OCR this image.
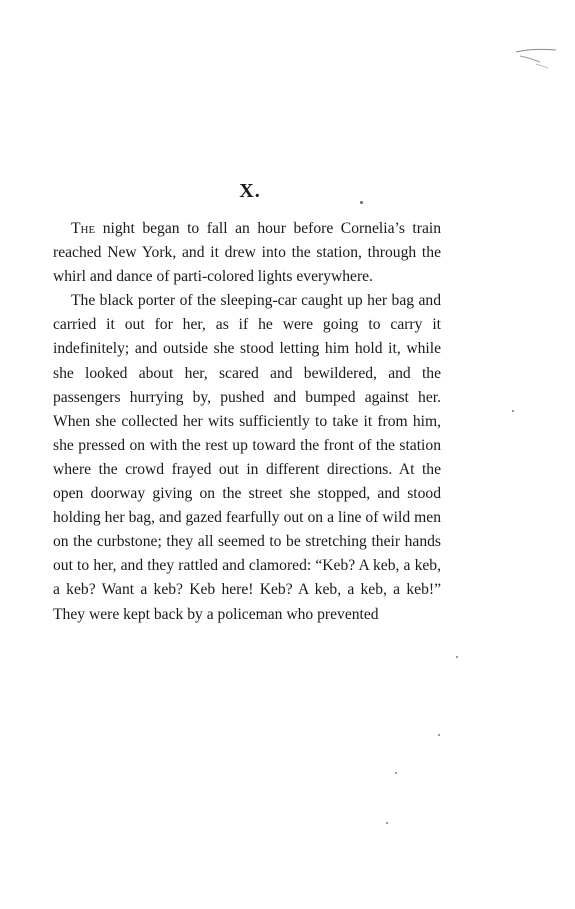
X.

The night began to fall an hour before Cornelia’s train reached New York, and it drew into the station, through the whirl and dance of parti-colored lights everywhere.

The black porter of the sleeping-car caught up her bag and carried it out for her, as if he were going to carry it indefinitely; and outside she stood letting him hold it, while she looked about her, scared and bewildered, and the passengers hurrying by, pushed and bumped against her. When she collected her wits sufficiently to take it from him, she pressed on with the rest up toward the front of the station where the crowd frayed out in different directions. At the open doorway giving on the street she stopped, and stood holding her bag, and gazed fearfully out on a line of wild men on the curbstone; they all seemed to be stretching their hands out to her, and they rattled and clamored: “Keb? A keb, a keb, a keb? Want a keb? Keb here! Keb? A keb, a keb, a keb!” They were kept back by a policeman who prevented
